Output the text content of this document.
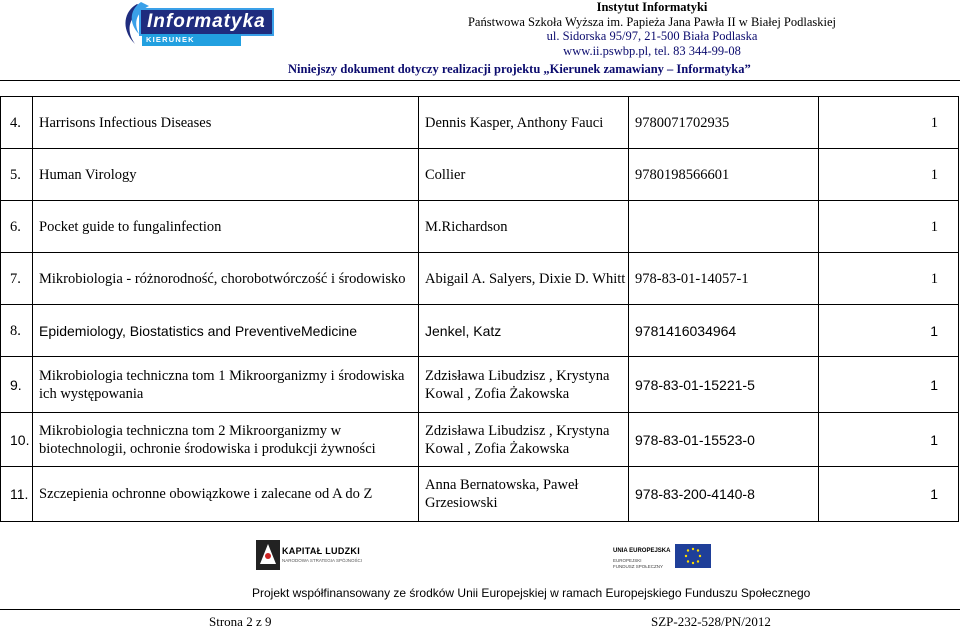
Informatyka
KIERUNEK ZAMAWIANY
Instytut Informatyki
Państwowa Szkoła Wyższa im. Papieża Jana Pawła II w Białej Podlaskiej
ul. Sidorska 95/97, 21-500 Biała Podlaska
www.ii.pswbp.pl, tel. 83 344-99-08
Niniejszy dokument dotyczy realizacji projektu „Kierunek zamawiany – Informatyka”
4.	Harrisons Infectious Diseases	Dennis Kasper, Anthony Fauci	9780071702935	1
5.	Human Virology	Collier	9780198566601	1
6.	Pocket guide to fungalinfection	M.Richardson		1
7.	Mikrobiologia - różnorodność, chorobotwórczość i środowisko	Abigail A. Salyers, Dixie D. Whitt	978-83-01-14057-1	1
8.	Epidemiology, Biostatistics and PreventiveMedicine	Jenkel, Katz	9781416034964	1
9.	Mikrobiologia techniczna tom 1 Mikroorganizmy i środowiska ich występowania	Zdzisława Libudzisz , Krystyna Kowal , Zofia Żakowska	978-83-01-15221-5	1
10.	Mikrobiologia techniczna tom 2 Mikroorganizmy w biotechnologii, ochronie środowiska i produkcji żywności	Zdzisława Libudzisz , Krystyna Kowal , Zofia Żakowska	978-83-01-15523-0	1
11.	Szczepienia ochronne obowiązkowe i zalecane od A do Z	Anna Bernatowska, Paweł Grzesiowski	978-83-200-4140-8	1
KAPITAŁ LUDZKI
NARODOWA STRATEGIA SPÓJNOŚCI
UNIA EUROPEJSKA
EUROPEJSKI
FUNDUSZ SPOŁECZNY
Projekt współfinansowany ze środków Unii Europejskiej w ramach Europejskiego Funduszu Społecznego
Strona 2 z 9	SZP-232-528/PN/2012
